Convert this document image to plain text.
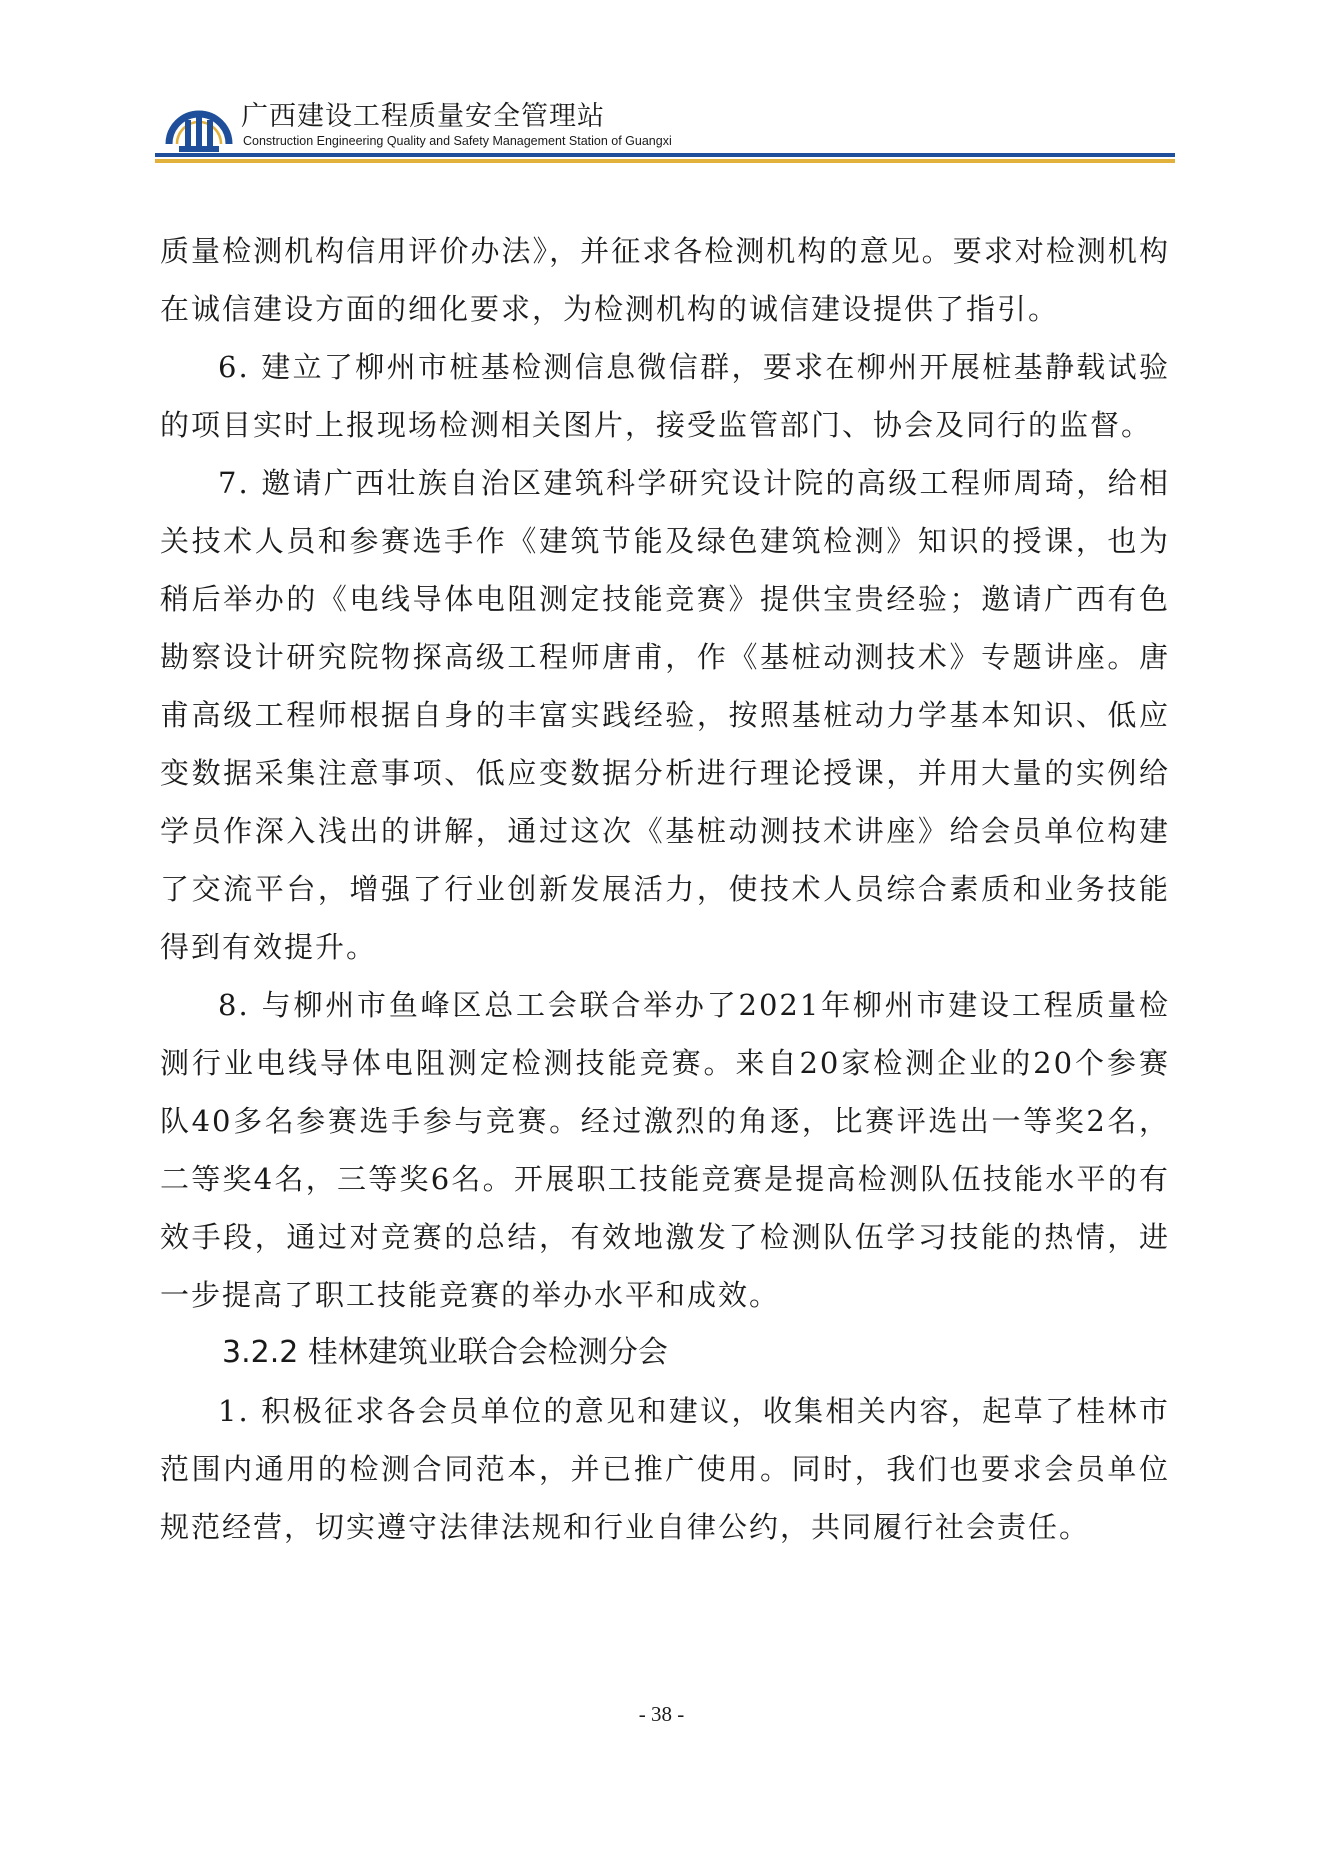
广西建设工程质量安全管理站
Construction Engineering Quality and Safety Management Station of Guangxi

质量检测机构信用评价办法》，并征求各检测机构的意见。要求对检测机构在诚信建设方面的细化要求，为检测机构的诚信建设提供了指引。

6. 建立了柳州市桩基检测信息微信群，要求在柳州开展桩基静载试验的项目实时上报现场检测相关图片，接受监管部门、协会及同行的监督。

7. 邀请广西壮族自治区建筑科学研究设计院的高级工程师周琦，给相关技术人员和参赛选手作《建筑节能及绿色建筑检测》知识的授课，也为稍后举办的《电线导体电阻测定技能竞赛》提供宝贵经验；邀请广西有色勘察设计研究院物探高级工程师唐甫，作《基桩动测技术》专题讲座。唐甫高级工程师根据自身的丰富实践经验，按照基桩动力学基本知识、低应变数据采集注意事项、低应变数据分析进行理论授课，并用大量的实例给学员作深入浅出的讲解，通过这次《基桩动测技术讲座》给会员单位构建了交流平台，增强了行业创新发展活力，使技术人员综合素质和业务技能得到有效提升。

8. 与柳州市鱼峰区总工会联合举办了2021年柳州市建设工程质量检测行业电线导体电阻测定检测技能竞赛。来自20家检测企业的20个参赛队40多名参赛选手参与竞赛。经过激烈的角逐，比赛评选出一等奖2名，二等奖4名，三等奖6名。开展职工技能竞赛是提高检测队伍技能水平的有效手段，通过对竞赛的总结，有效地激发了检测队伍学习技能的热情，进一步提高了职工技能竞赛的举办水平和成效。

3.2.2 桂林建筑业联合会检测分会

1. 积极征求各会员单位的意见和建议，收集相关内容，起草了桂林市范围内通用的检测合同范本，并已推广使用。同时，我们也要求会员单位规范经营，切实遵守法律法规和行业自律公约，共同履行社会责任。

- 38 -
